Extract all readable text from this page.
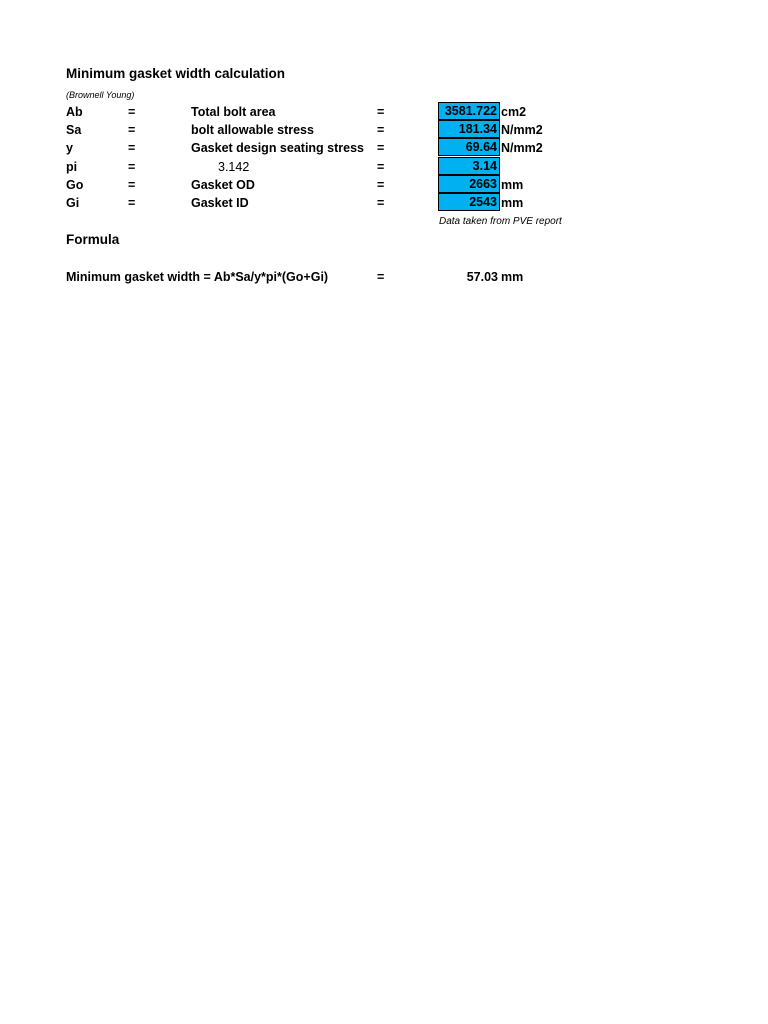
Minimum gasket width calculation
(Brownell Young)
Ab	=	Total bolt area	=	3581.722 cm2
Sa	=	bolt allowable stress	=	181.34 N/mm2
y	=	Gasket design seating stress =	69.64 N/mm2
pi	=	3.142	=	3.14
Go	=	Gasket OD	=	2663 mm
Gi	=	Gasket ID	=	2543 mm
Data taken from PVE report
Formula
Minimum gasket width = Ab*Sa/y*pi*(Go+Gi)	=	57.03 mm
